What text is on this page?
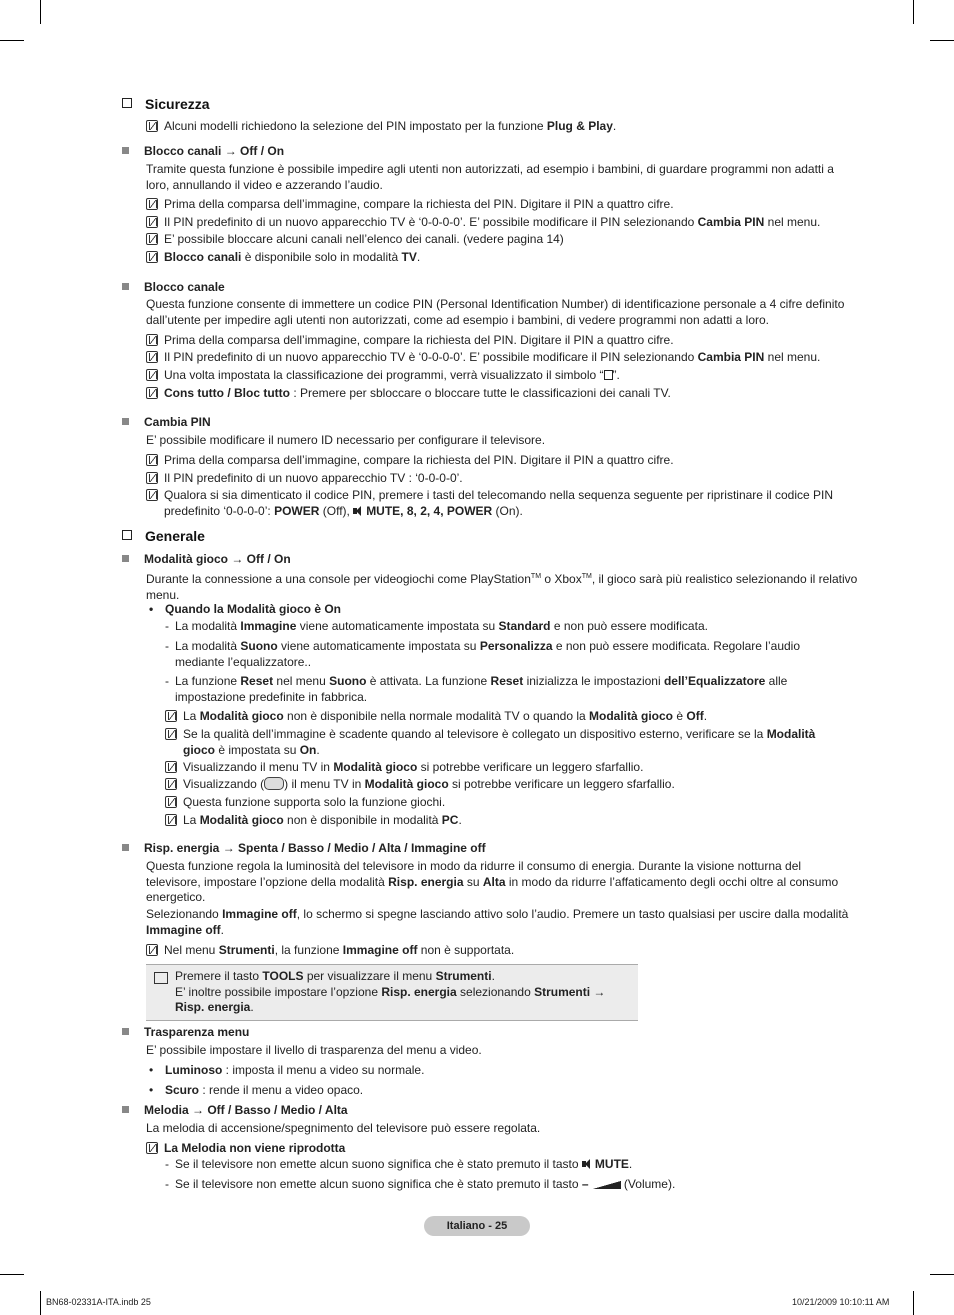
Sicurezza
Alcuni modelli richiedono la selezione del PIN impostato per la funzione Plug & Play.
Blocco canali → Off / On
Tramite questa funzione è possibile impedire agli utenti non autorizzati, ad esempio i bambini, di guardare programmi non adatti a loro, annullando il video e azzerando l’audio.
Prima della comparsa dell’immagine, compare la richiesta del PIN. Digitare il PIN a quattro cifre.
Il PIN predefinito di un nuovo apparecchio TV è ‘0-0-0-0’. E’ possibile modificare il PIN selezionando Cambia PIN nel menu.
E’ possibile bloccare alcuni canali nell’elenco dei canali. (vedere pagina 14)
Blocco canali è disponibile solo in modalità TV.
Blocco canale
Questa funzione consente di immettere un codice PIN (Personal Identification Number) di identificazione personale a 4 cifre definito dall’utente per impedire agli utenti non autorizzati, come ad esempio i bambini, di vedere programmi non adatti a loro.
Prima della comparsa dell’immagine, compare la richiesta del PIN. Digitare il PIN a quattro cifre.
Il PIN predefinito di un nuovo apparecchio TV è ‘0-0-0-0’. E’ possibile modificare il PIN selezionando Cambia PIN nel menu.
Una volta impostata la classificazione dei programmi, verrà visualizzato il simbolo “ ”.
Cons tutto / Bloc tutto : Premere per sbloccare o bloccare tutte le classificazioni dei canali TV.
Cambia PIN
E’ possibile modificare il numero ID necessario per configurare il televisore.
Prima della comparsa dell’immagine, compare la richiesta del PIN. Digitare il PIN a quattro cifre.
Il PIN predefinito di un nuovo apparecchio TV : ‘0-0-0-0’.
Qualora si sia dimenticato il codice PIN, premere i tasti del telecomando nella sequenza seguente per ripristinare il codice PIN predefinito ‘0-0-0-0’: POWER (Off), MUTE, 8, 2, 4, POWER (On).
Generale
Modalità gioco → Off / On
Durante la connessione a una console per videogiochi come PlayStation™ o Xbox™, il gioco sarà più realistico selezionando il relativo menu.
• Quando la Modalità gioco è On
- La modalità Immagine viene automaticamente impostata su Standard e non può essere modificata.
- La modalità Suono viene automaticamente impostata su Personalizza e non può essere modificata. Regolare l’audio mediante l’equalizzatore..
- La funzione Reset nel menu Suono è attivata. La funzione Reset inizializza le impostazioni dell’Equalizzatore alle impostazione predefinite in fabbrica.
La Modalità gioco non è disponibile nella normale modalità TV o quando la Modalità gioco è Off.
Se la qualità dell’immagine è scadente quando al televisore è collegato un dispositivo esterno, verificare se la Modalità gioco è impostata su On.
Visualizzando il menu TV in Modalità gioco si potrebbe verificare un leggero sfarfallio.
Visualizzando ( ) il menu TV in Modalità gioco si potrebbe verificare un leggero sfarfallio.
Questa funzione supporta solo la funzione giochi.
La Modalità gioco non è disponibile in modalità PC.
Risp. energia → Spenta / Basso / Medio / Alta / Immagine off
Questa funzione regola la luminosità del televisore in modo da ridurre il consumo di energia. Durante la visione notturna del televisore, impostare l’opzione della modalità Risp. energia su Alta in modo da ridurre l’affaticamento degli occhi oltre al consumo energetico.
Selezionando Immagine off, lo schermo si spegne lasciando attivo solo l’audio. Premere un tasto qualsiasi per uscire dalla modalità Immagine off.
Nel menu Strumenti, la funzione Immagine off non è supportata.
Premere il tasto TOOLS per visualizzare il menu Strumenti.
E’ inoltre possibile impostare l’opzione Risp. energia selezionando Strumenti →
Risp. energia.
Trasparenza menu
E’ possibile impostare il livello di trasparenza del menu a video.
• Luminoso : imposta il menu a video su normale.
• Scuro : rende il menu a video opaco.
Melodia → Off / Basso / Medio / Alta
La melodia di accensione/spegnimento del televisore può essere regolata.
La Melodia non viene riprodotta
- Se il televisore non emette alcun suono significa che è stato premuto il tasto MUTE.
- Se il televisore non emette alcun suono significa che è stato premuto il tasto –	(Volume).
Italiano - 25
BN68-02331A-ITA.indb 25	10/21/2009 10:10:11 AM
